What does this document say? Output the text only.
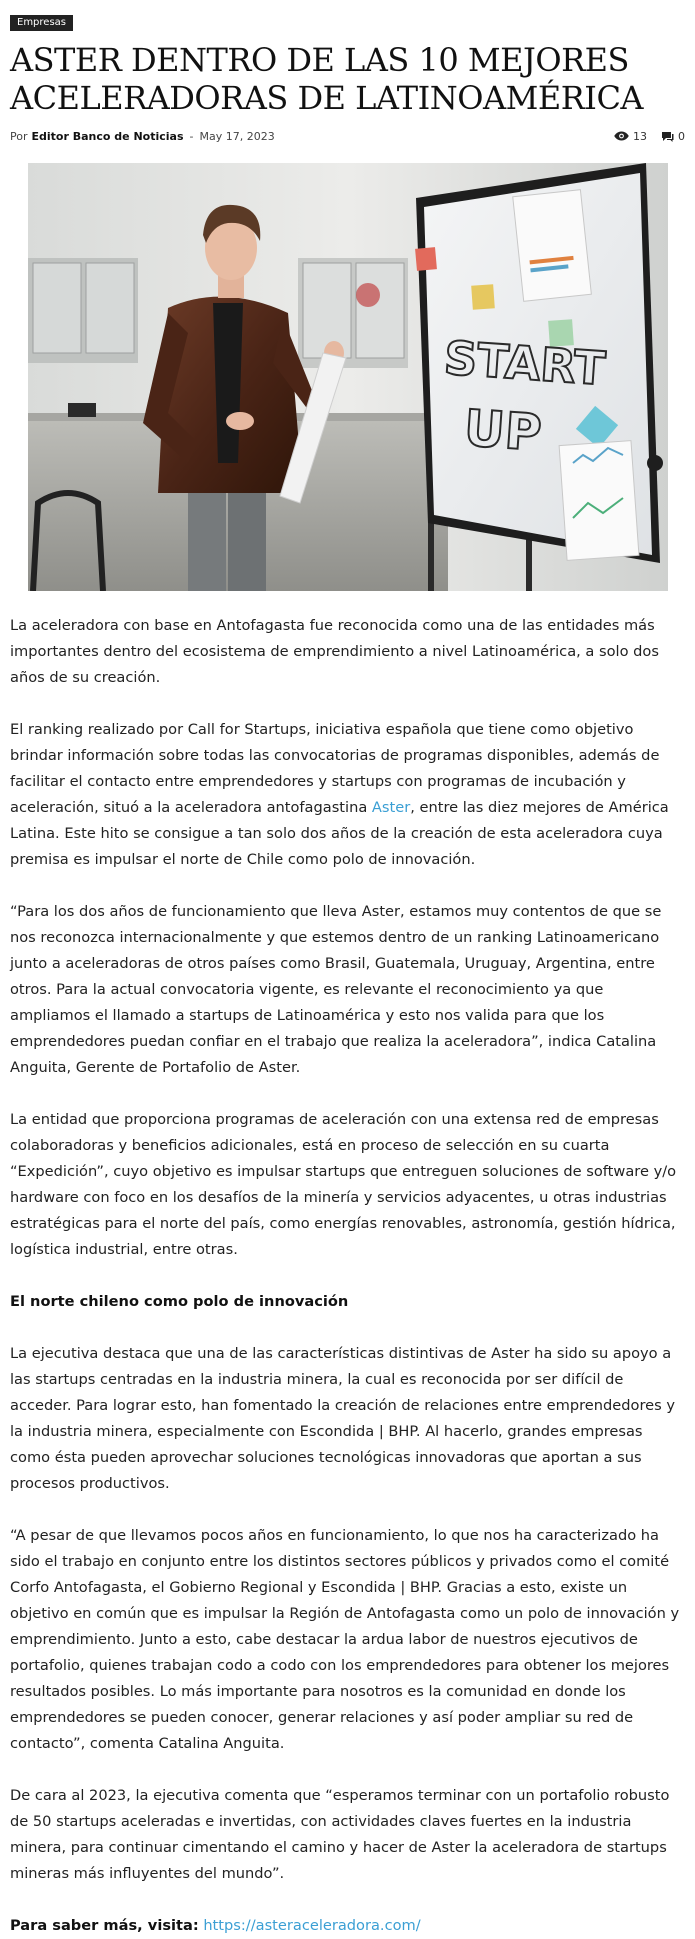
Empresas
ASTER DENTRO DE LAS 10 MEJORES ACELERADORAS DE LATINOAMÉRICA
Por Editor Banco de Noticias - May 17, 2023	13	0
START
UP

La aceleradora con base en Antofagasta fue reconocida como una de las entidades más importantes dentro del ecosistema de emprendimiento a nivel Latinoamérica, a solo dos años de su creación.

El ranking realizado por Call for Startups, iniciativa española que tiene como objetivo brindar información sobre todas las convocatorias de programas disponibles, además de facilitar el contacto entre emprendedores y startups con programas de incubación y aceleración, situó a la aceleradora antofagastina Aster, entre las diez mejores de América Latina. Este hito se consigue a tan solo dos años de la creación de esta aceleradora cuya premisa es impulsar el norte de Chile como polo de innovación.

“Para los dos años de funcionamiento que lleva Aster, estamos muy contentos de que se nos reconozca internacionalmente y que estemos dentro de un ranking Latinoamericano junto a aceleradoras de otros países como Brasil, Guatemala, Uruguay, Argentina, entre otros. Para la actual convocatoria vigente, es relevante el reconocimiento ya que ampliamos el llamado a startups de Latinoamérica y esto nos valida para que los emprendedores puedan confiar en el trabajo que realiza la aceleradora”, indica Catalina Anguita, Gerente de Portafolio de Aster.

La entidad que proporciona programas de aceleración con una extensa red de empresas colaboradoras y beneficios adicionales, está en proceso de selección en su cuarta “Expedición”, cuyo objetivo es impulsar startups que entreguen soluciones de software y/o hardware con foco en los desafíos de la minería y servicios adyacentes, u otras industrias estratégicas para el norte del país, como energías renovables, astronomía, gestión hídrica, logística industrial, entre otras.

El norte chileno como polo de innovación

La ejecutiva destaca que una de las características distintivas de Aster ha sido su apoyo a las startups centradas en la industria minera, la cual es reconocida por ser difícil de acceder. Para lograr esto, han fomentado la creación de relaciones entre emprendedores y la industria minera, especialmente con Escondida | BHP. Al hacerlo, grandes empresas como ésta pueden aprovechar soluciones tecnológicas innovadoras que aportan a sus procesos productivos.

“A pesar de que llevamos pocos años en funcionamiento, lo que nos ha caracterizado ha sido el trabajo en conjunto entre los distintos sectores públicos y privados como el comité Corfo Antofagasta, el Gobierno Regional y Escondida | BHP. Gracias a esto, existe un objetivo en común que es impulsar la Región de Antofagasta como un polo de innovación y emprendimiento. Junto a esto, cabe destacar la ardua labor de nuestros ejecutivos de portafolio, quienes trabajan codo a codo con los emprendedores para obtener los mejores resultados posibles. Lo más importante para nosotros es la comunidad en donde los emprendedores se pueden conocer, generar relaciones y así poder ampliar su red de contacto”, comenta Catalina Anguita.

De cara al 2023, la ejecutiva comenta que “esperamos terminar con un portafolio robusto de 50 startups aceleradas e invertidas, con actividades claves fuertes en la industria minera, para continuar cimentando el camino y hacer de Aster la aceleradora de startups mineras más influyentes del mundo”.

Para saber más, visita: https://asteraceleradora.com/
